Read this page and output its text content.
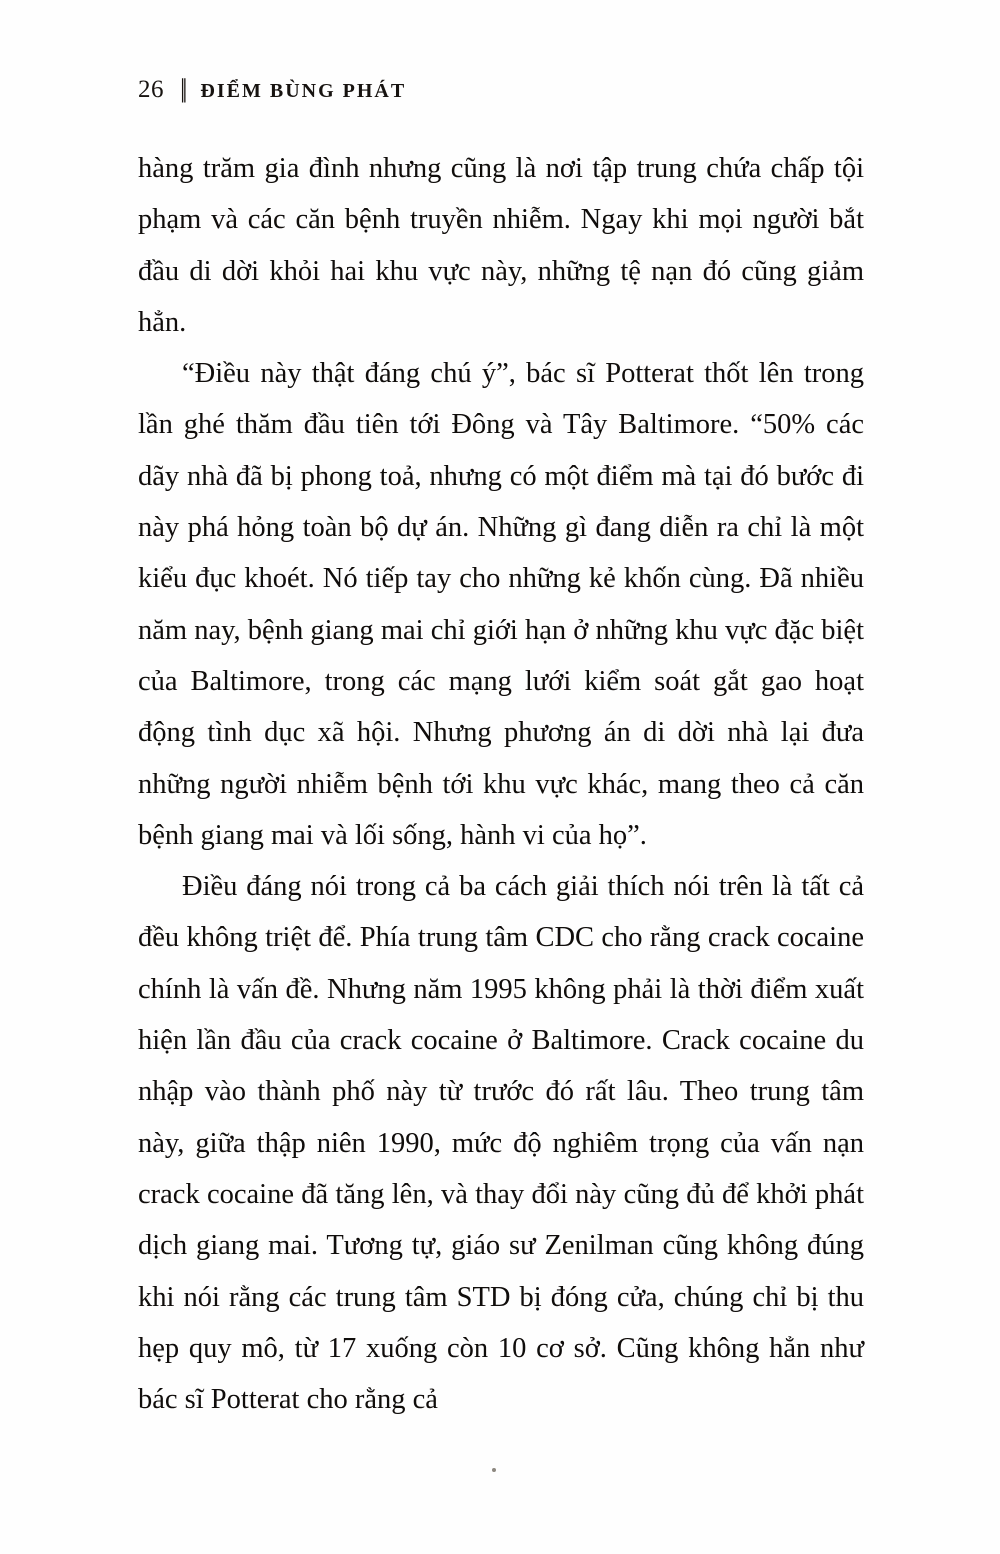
26 || ĐIỂM BÙNG PHÁT

hàng trăm gia đình nhưng cũng là nơi tập trung chứa chấp tội phạm và các căn bệnh truyền nhiễm. Ngay khi mọi người bắt đầu di dời khỏi hai khu vực này, những tệ nạn đó cũng giảm hẳn.

“Điều này thật đáng chú ý”, bác sĩ Potterat thốt lên trong lần ghé thăm đầu tiên tới Đông và Tây Baltimore. “50% các dãy nhà đã bị phong toả, nhưng có một điểm mà tại đó bước đi này phá hỏng toàn bộ dự án. Những gì đang diễn ra chỉ là một kiểu đục khoét. Nó tiếp tay cho những kẻ khốn cùng. Đã nhiều năm nay, bệnh giang mai chỉ giới hạn ở những khu vực đặc biệt của Baltimore, trong các mạng lưới kiểm soát gắt gao hoạt động tình dục xã hội. Nhưng phương án di dời nhà lại đưa những người nhiễm bệnh tới khu vực khác, mang theo cả căn bệnh giang mai và lối sống, hành vi của họ”.

Điều đáng nói trong cả ba cách giải thích nói trên là tất cả đều không triệt để. Phía trung tâm CDC cho rằng crack cocaine chính là vấn đề. Nhưng năm 1995 không phải là thời điểm xuất hiện lần đầu của crack cocaine ở Baltimore. Crack cocaine du nhập vào thành phố này từ trước đó rất lâu. Theo trung tâm này, giữa thập niên 1990, mức độ nghiêm trọng của vấn nạn crack cocaine đã tăng lên, và thay đổi này cũng đủ để khởi phát dịch giang mai. Tương tự, giáo sư Zenilman cũng không đúng khi nói rằng các trung tâm STD bị đóng cửa, chúng chỉ bị thu hẹp quy mô, từ 17 xuống còn 10 cơ sở. Cũng không hẳn như bác sĩ Potterat cho rằng cả
